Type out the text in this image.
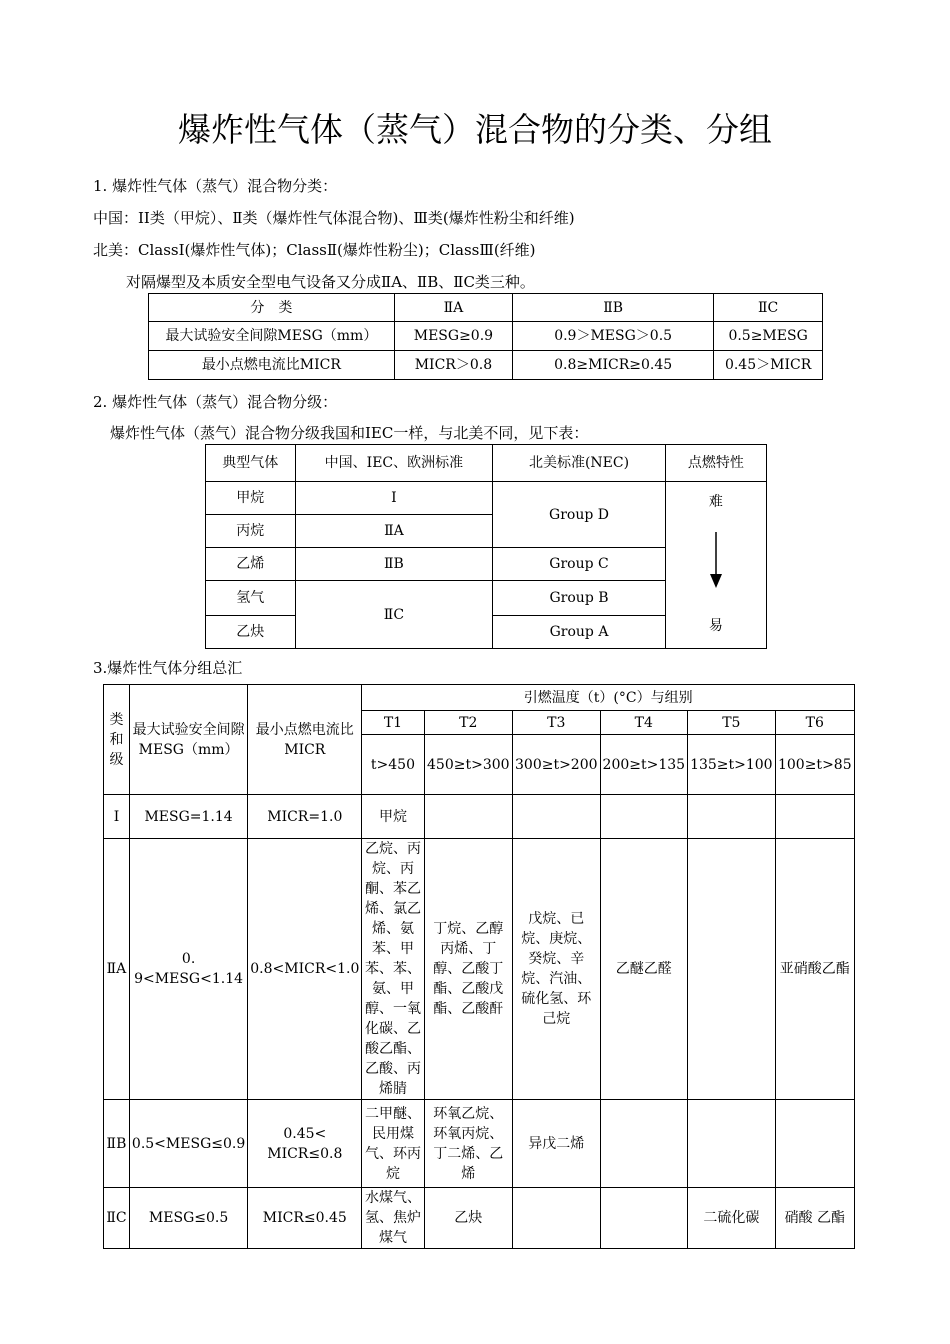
爆炸性气体（蒸气）混合物的分类、分组
1. 爆炸性气体（蒸气）混合物分类：
中国：ⅠⅠ类（甲烷）、Ⅱ类（爆炸性气体混合物)、Ⅲ类(爆炸性粉尘和纤维)
北美：ClassⅠ(爆炸性气体)；ClassⅡ(爆炸性粉尘)；ClassⅢ(纤维)
对隔爆型及本质安全型电气设备又分成ⅡA、ⅡB、ⅡC类三种。
分　类	ⅡA	ⅡB	ⅡC
最大试验安全间隙MESG（mm）	MESG≥0.9	0.9＞MESG＞0.5	0.5≥MESG
最小点燃电流比MICR	MICR＞0.8	0.8≥MICR≥0.45	0.45＞MICR
2. 爆炸性气体（蒸气）混合物分级：
爆炸性气体（蒸气）混合物分级我国和IEC一样，与北美不同，见下表：
典型气体	中国、IEC、欧洲标准	北美标准(NEC)	点燃特性
甲烷	Ⅰ	Group D	难
易

丙烷	ⅡA		
乙烯	ⅡB	Group C	
氢气	ⅡC	Group B	
乙炔		Group A	
3.爆炸性气体分组总汇
类和级	最大试验安全间隙MESG（mm）	最小点燃电流比MICR	引燃温度（t）(°C）与组别					
			T1	T2	T3	T4	T5	T6
			t>450	450≥t>300	300≥t>200	200≥t>135	135≥t>100	100≥t>85
Ⅰ	MESG=1.14	MICR=1.0	甲烷					
ⅡA	0. 9<MESG<1.14	0.8<MICR<1.0	乙烷、丙烷、丙酮、苯乙烯、氯乙烯、氨苯、甲苯、苯、氨、甲醇、一氧化碳、乙酸乙酯、乙酸、丙烯腈	丁烷、乙醇丙烯、丁醇、乙酸丁酯、乙酸戊酯、乙酸酐	戊烷、已烷、庚烷、癸烷、辛烷、汽油、硫化氢、环己烷	乙醚乙醛		亚硝酸乙酯
ⅡB	0.5<MESG≤0.9	0.45< MICR≤0.8	二甲醚、民用煤气、环丙烷	环氧乙烷、环氧丙烷、丁二烯、乙烯	异戊二烯			
ⅡC	MESG≤0.5	MICR≤0.45	水煤气、氢、焦炉煤气	乙炔			二硫化碳	硝酸 乙酯
